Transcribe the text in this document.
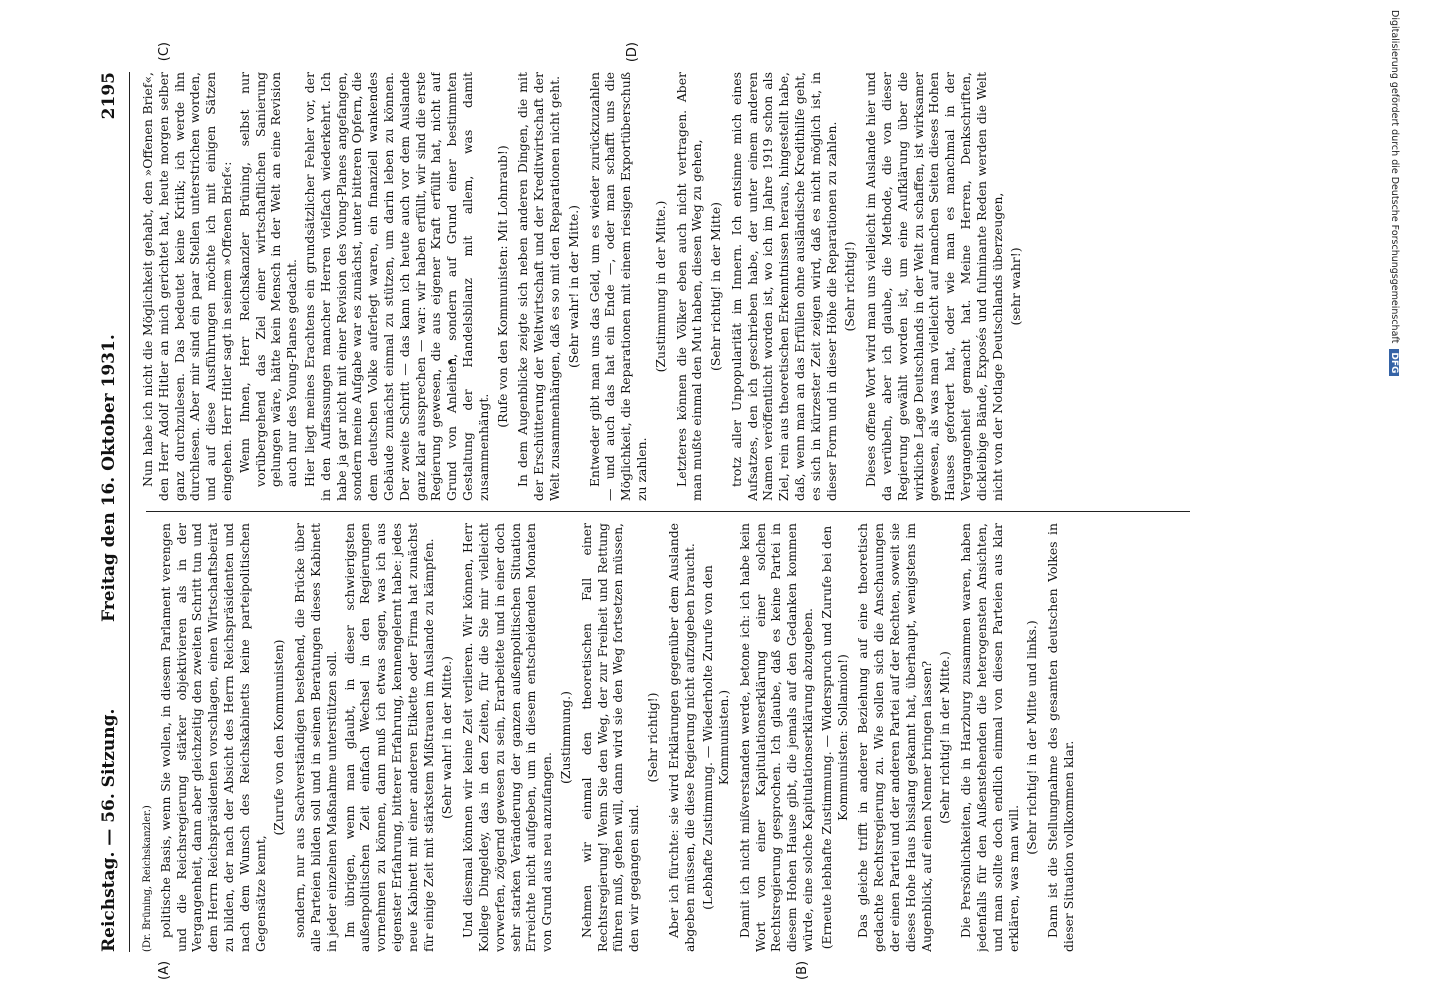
Reichstag. — 56. Sitzung.
Freitag den 16. Oktober 1931.
2195

(Dr. Brüning, Reichskanzler.) politische Basis, wenn Sie wollen, in diesem Parlament verengen und die Reichsregierung stärker objektivieren als in der Vergangenheit, dann aber gleichzeitig den zweiten Schritt tun und dem Herrn Reichspräsidenten vorschlagen, einen Wirtschaftsbeirat zu bilden, der nach der Absicht des Herrn Reichspräsidenten und nach dem Wunsch des Reichskabinetts keine parteipolitischen Gegensätze kennt,

(Zurufe von den Kommunisten) sondern, nur aus Sachverständigen bestehend, die Brücke über alle Parteien bilden soll und in seinen Beratungen dieses Kabinett in jeder einzelnen Maßnahme unterstützen soll. Im übrigen, wenn man glaubt, in dieser schwierigsten außenpolitischen Zeit einfach Wechsel in den Regierungen vornehmen zu können, dann muß ich etwas sagen, was ich aus eigenster Erfahrung, bitterer Erfahrung, kennengelernt habe: jedes neue Kabinett mit einer anderen Etikette oder Firma hat zunächst für einige Zeit mit stärkstem Mißtrauen im Auslande zu kämpfen. (Sehr wahr! in der Mitte.) Und diesmal können wir keine Zeit verlieren. Wir können, Herr Kollege Dingeldey, das in den Zeiten, für die Sie mir vielleicht vorwerfen, zögernd gewesen zu sein, Erarbeitete und in einer doch sehr starken Veränderung der ganzen außenpolitischen Situation Erreichte nicht aufgeben, um in diesem entscheidenden Monaten von Grund aus neu anzufangen.

(Zustimmung.) Nehmen wir einmal den theoretischen Fall einer Rechtsregierung! Wenn Sie den Weg, der zur Freiheit und Rettung führen muß, gehen will, dann wird sie den Weg fortsetzen müssen, den wir gegangen sind.

(Sehr richtig!) Aber ich fürchte: sie wird Erklärungen gegenüber dem Auslande abgeben müssen, die diese Regierung nicht aufzugeben braucht. (Lebhafte Zustimmung. — Wiederholte Zurufe von den Kommunisten.) Damit ich nicht mißverstanden werde, betone ich: ich habe kein Wort von einer Kapitulationserklärung einer solchen Rechtsregierung gesprochen. Ich glaube, daß es keine Partei in diesem Hohen Hause gibt, die jemals auf den Gedanken kommen würde, eine solche Kapitulationserklärung abzugeben. (Erneute lebhafte Zustimmung. — Widerspruch und Zurufe bei den Kommunisten: Sollamion!) Das gleiche trifft in anderer Beziehung auf eine theoretisch gedachte Rechtsregierung zu. Wie sollen sich die Anschauungen der einen Partei und der anderen Partei auf der Rechten, soweit sie dieses Hohe Haus bisslang gekannt hat, überhaupt, wenigstens im Augenblick, auf einen Nenner bringen lassen? (Sehr richtig! in der Mitte.) Die Persönlichkeiten, die in Harzburg zusammen waren, haben jedenfalls für den Außenstehenden die heterogensten Ansichten, und man sollte doch endlich einmal von diesen Parteien aus klar erklären, was man will.

(Sehr richtig! in der Mitte und links.) Dann ist die Stellungnahme des gesamten deutschen Volkes in dieser Situation vollkommen klar.

Nun habe ich nicht die Möglichkeit gehabt, den »Offenen Brief«, den Herr Adolf Hitler an mich gerichtet hat, heute morgen selber ganz durchzulesen. Das bedeutet keine Kritik; ich werde ihn durchlesen. Aber mir sind ein paar Stellen unterstrichen worden, und auf diese Ausführungen möchte ich mit einigen Sätzen eingehen. Herr Hitler sagt in seinem »Offenen Brief«: Wenn Ihnen, Herr Reichskanzler Brüning, selbst nur vorübergehend das Ziel einer wirtschaftlichen Sanierung gelungen wäre, hätte kein Mensch in der Welt an eine Revision auch nur des Young-Planes gedacht. Hier liegt meines Erachtens ein grundsätzlicher Fehler vor, der in den Auffassungen mancher Herren vielfach wiederkehrt. Ich habe ja gar nicht mit einer Revision des Young-Planes angefangen, sondern meine Aufgabe war es zunächst, unter bitteren Opfern, die dem deutschen Volke auferlegt waren, ein finanziell wankendes Gebäude zunächst einmal zu stützen, um darin leben zu können. Der zweite Schritt — das kann ich heute auch vor dem Auslande ganz klar aussprechen — war: wir haben erfüllt, wir sind die erste Regierung gewesen, die aus eigener Kraft erfüllt hat, nicht auf Grund von Anleihen, sondern auf Grund einer bestimmten Gestaltung der Handelsbilanz mit allem, was damit zusammenhängt.

(Rufe von den Kommunisten: Mit Lohnraub!) In dem Augenblicke zeigte sich neben anderen Dingen, die mit der Erschütterung der Weltwirtschaft und der Kreditwirtschaft der Welt zusammenhängen, daß es so mit den Reparationen nicht geht. (Sehr wahr! in der Mitte.) Entweder gibt man uns das Geld, um es wieder zurückzuzahlen — und auch das hat ein Ende —, oder man schafft uns die Möglichkeit, die Reparationen mit einem riesigen Exportüberschuß zu zahlen.

(Zustimmung in der Mitte.) Letzteres können die Völker eben auch nicht vertragen. Aber man mußte einmal den Mut haben, diesen Weg zu gehen, (Sehr richtig! in der Mitte) trotz aller Unpopularität im Innern. Ich entsinne mich eines Aufsatzes, den ich geschrieben habe, der unter einem anderen Namen veröffentlicht worden ist, wo ich im Jahre 1919 schon als Ziel, rein aus theoretischen Erkenntnissen heraus, hingestellt habe, daß, wenn man an das Erfüllen ohne ausländische Kredithilfe geht, es sich in kürzester Zeit zeigen wird, daß es nicht möglich ist, in dieser Form und in dieser Höhe die Reparationen zu zahlen. (Sehr richtig!) Dieses offene Wort wird man uns vielleicht im Auslande hier und da verübeln, aber ich glaube, die Methode, die von dieser Regierung gewählt worden ist, um eine Aufklärung über die wirkliche Lage Deutschlands in der Welt zu schaffen, ist wirksamer gewesen, als was man vielleicht auf manchen Seiten dieses Hohen Hauses gefordert hat, oder wie man es manchmal in der Vergangenheit gemacht hat. Meine Herren, Denkschriften, dickleibige Bände, Exposés und fulminante Reden werden die Welt nicht von der Notlage Deutschlands überzeugen, (sehr wahr!)

(A)	(B)
(C)	(D)	Digitalisierung gefördert durch die Deutsche Forschungsgemeinschaft DFG
